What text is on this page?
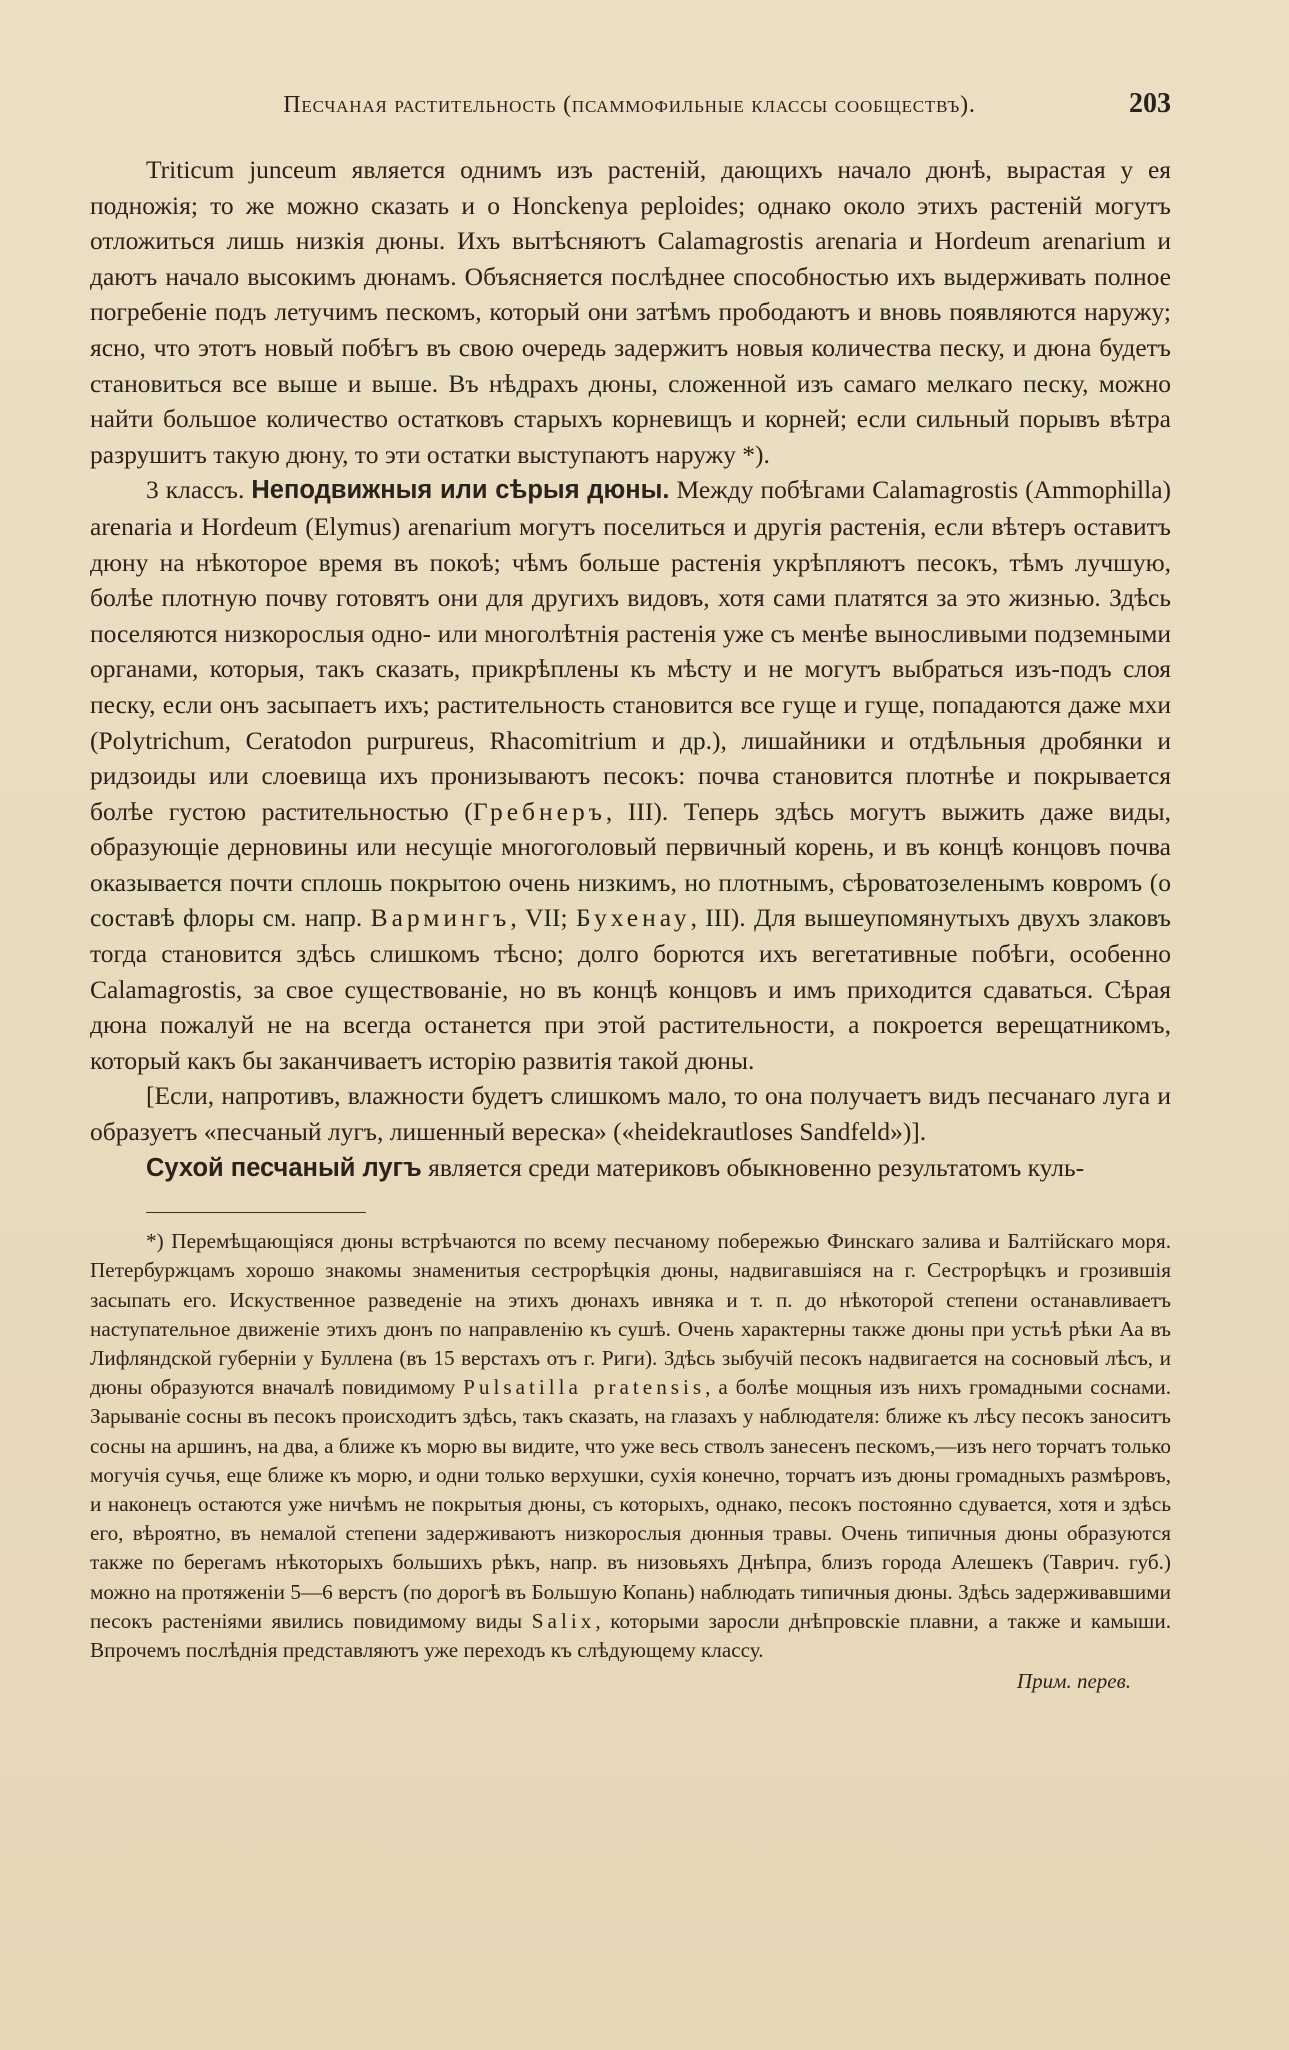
Песчаная растительность (псаммофильные классы сообществъ).	203

Triticum junceum является однимъ изъ растеній, дающихъ начало дюнѣ, вырастая у ея подножія; то же можно сказать и о Honckenya peploides; однако около этихъ растеній могутъ отложиться лишь низкія дюны. Ихъ вытѣсняютъ Calamagrostis arenaria и Hordeum arenarium и даютъ начало высокимъ дюнамъ. Объясняется послѣднее способностью ихъ выдерживать полное погребеніе подъ летучимъ пескомъ, который они затѣмъ прободаютъ и вновь появляются наружу; ясно, что этотъ новый побѣгъ въ свою очередь задержитъ новыя количества песку, и дюна будетъ становиться все выше и выше. Въ нѣдрахъ дюны, сложенной изъ самаго мелкаго песку, можно найти большое количество остатковъ старыхъ корневищъ и корней; если сильный порывъ вѣтра разрушитъ такую дюну, то эти остатки выступаютъ наружу *).

3 классъ. Неподвижныя или сѣрыя дюны. Между побѣгами Calamagrostis (Ammophilla) arenaria и Hordeum (Elymus) arenarium могутъ поселиться и другія растенія, если вѣтеръ оставитъ дюну на нѣкоторое время въ покоѣ; чѣмъ больше растенія укрѣпляютъ песокъ, тѣмъ лучшую, болѣе плотную почву готовятъ они для другихъ видовъ, хотя сами платятся за это жизнью. Здѣсь поселяются низкорослыя одно- или многолѣтнія растенія уже съ менѣе выносливыми подземными органами, которыя, такъ сказать, прикрѣплены къ мѣсту и не могутъ выбраться изъ-подъ слоя песку, если онъ засыпаетъ ихъ; растительность становится все гуще и гуще, попадаются даже мхи (Polytrichum, Ceratodon purpureus, Rhacomitrium и др.), лишайники и отдѣльныя дробянки и ридзоиды или слоевища ихъ пронизываютъ песокъ: почва становится плотнѣе и покрывается болѣе густою растительностью (Гребнеръ, III). Теперь здѣсь могутъ выжить даже виды, образующіе дерновины или несущіе многоголовый первичный корень, и въ концѣ концовъ почва оказывается почти сплошь покрытою очень низкимъ, но плотнымъ, сѣроватозеленымъ ковромъ (о составѣ флоры см. напр. Вармингъ, VII; Бухенау, III). Для вышеупомянутыхъ двухъ злаковъ тогда становится здѣсь слишкомъ тѣсно; долго борются ихъ вегетативные побѣги, особенно Calamagrostis, за свое существованіе, но въ концѣ концовъ и имъ приходится сдаваться. Сѣрая дюна пожалуй не на всегда останется при этой растительности, а покроется верещатникомъ, который какъ бы заканчиваетъ исторію развитія такой дюны.

[Если, напротивъ, влажности будетъ слишкомъ мало, то она получаетъ видъ песчанаго луга и образуетъ «песчаный лугъ, лишенный вереска» («heidekrautloses Sandfeld»)].

Сухой песчаный лугъ является среди материковъ обыкновенно результатомъ куль-

*) Перемѣщающіяся дюны встрѣчаются по всему песчаному побережью Финскаго залива и Балтійскаго моря. Петербуржцамъ хорошо знакомы знаменитыя сестрорѣцкія дюны, надвигавшіяся на г. Сестрорѣцкъ и грозившія засыпать его. Искуственное разведеніе на этихъ дюнахъ ивняка и т. п. до нѣкоторой степени останавливаетъ наступательное движеніе этихъ дюнъ по направленію къ сушѣ. Очень характерны также дюны при устьѣ рѣки Аа въ Лифляндской губерніи у Буллена (въ 15 верстахъ отъ г. Риги). Здѣсь зыбучій песокъ надвигается на сосновый лѣсъ, и дюны образуются вначалѣ повидимому Pulsatilla pratensis, а болѣе мощныя изъ нихъ громадными соснами. Зарываніе сосны въ песокъ происходитъ здѣсь, такъ сказать, на глазахъ у наблюдателя: ближе къ лѣсу песокъ заноситъ сосны на аршинъ, на два, а ближе къ морю вы видите, что уже весь стволъ занесенъ пескомъ,—изъ него торчатъ только могучія сучья, еще ближе къ морю, и одни только верхушки, сухія конечно, торчатъ изъ дюны громадныхъ размѣровъ, и наконецъ остаются уже ничѣмъ не покрытыя дюны, съ которыхъ, однако, песокъ постоянно сдувается, хотя и здѣсь его, вѣроятно, въ немалой степени задерживаютъ низкорослыя дюнныя травы. Очень типичныя дюны образуются также по берегамъ нѣкоторыхъ большихъ рѣкъ, напр. въ низовьяхъ Днѣпра, близъ города Алешекъ (Таврич. губ.) можно на протяженіи 5—6 верстъ (по дорогѣ въ Большую Копань) наблюдать типичныя дюны. Здѣсь задерживавшими песокъ растеніями явились повидимому виды Salix, которыми заросли днѣпровскіе плавни, а также и камыши. Впрочемъ послѣднія представляютъ уже переходъ къ слѣдующему классу.

Прим. перев.
